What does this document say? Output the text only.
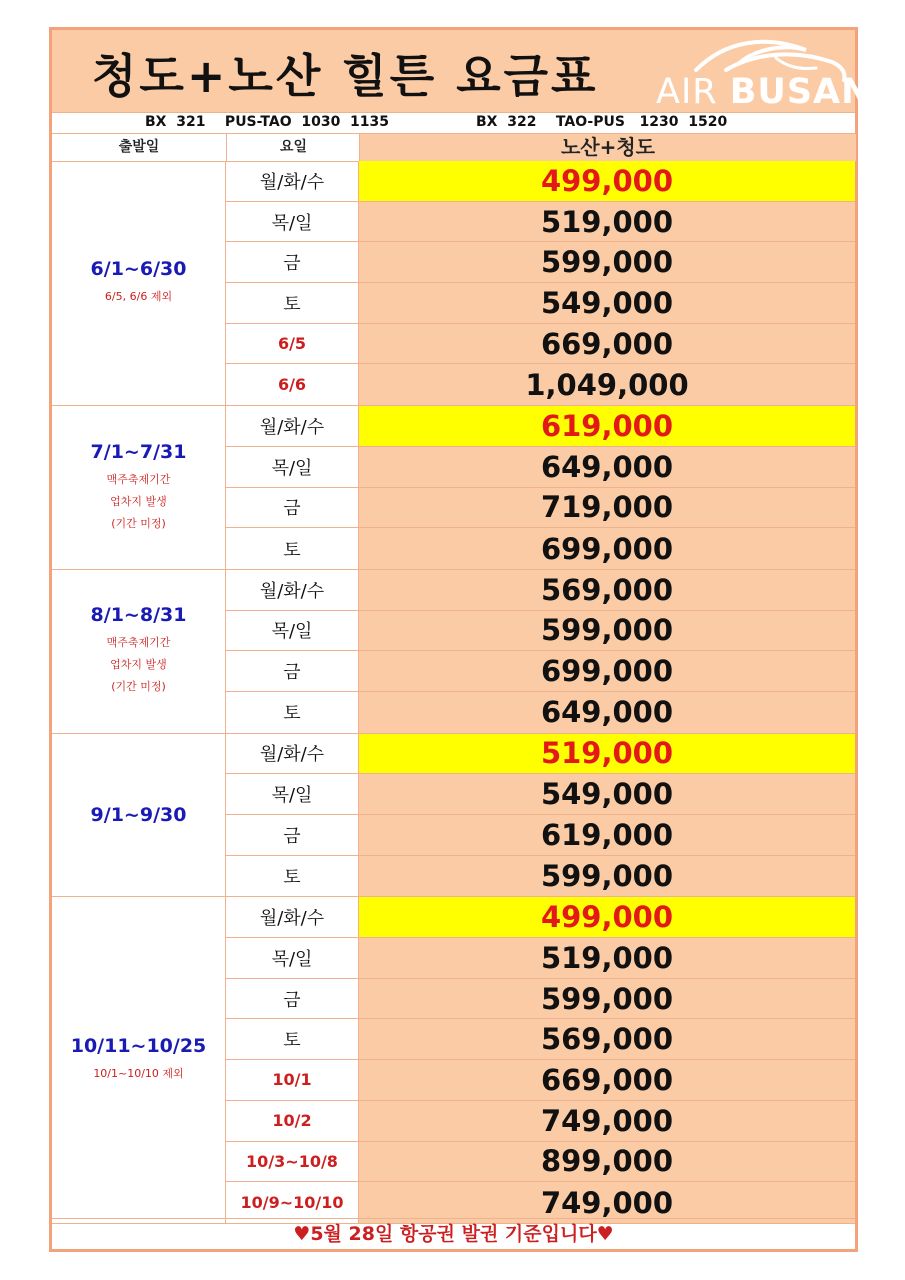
청도+노산 힐튼 요금표 AIR BUSAN

BX  321    PUS-TAO  1030  1135

	BX  322    TAO-PUS   1230  1520

출발일	요일	노산+청도
6/1~6/30
6/5, 6/6 제외
월/화/수	499,000
목/일	519,000
금	599,000
토	549,000
6/5	669,000
6/6	1,049,000
7/1~7/31
맥주축제기간
업차지 발생
(기간 미정)
월/화/수	619,000
목/일	649,000
금	719,000
토	699,000
8/1~8/31
맥주축제기간
업차지 발생
(기간 미정)
월/화/수	569,000
목/일	599,000
금	699,000
토	649,000
9/1~9/30
월/화/수	519,000
목/일	549,000
금	619,000
토	599,000
10/11~10/25
10/1~10/10 제외
월/화/수	499,000
목/일	519,000
금	599,000
토	569,000
10/1	669,000
10/2	749,000
10/3~10/8	899,000
10/9~10/10	749,000
♥5월 28일 항공권 발권 기준입니다♥
